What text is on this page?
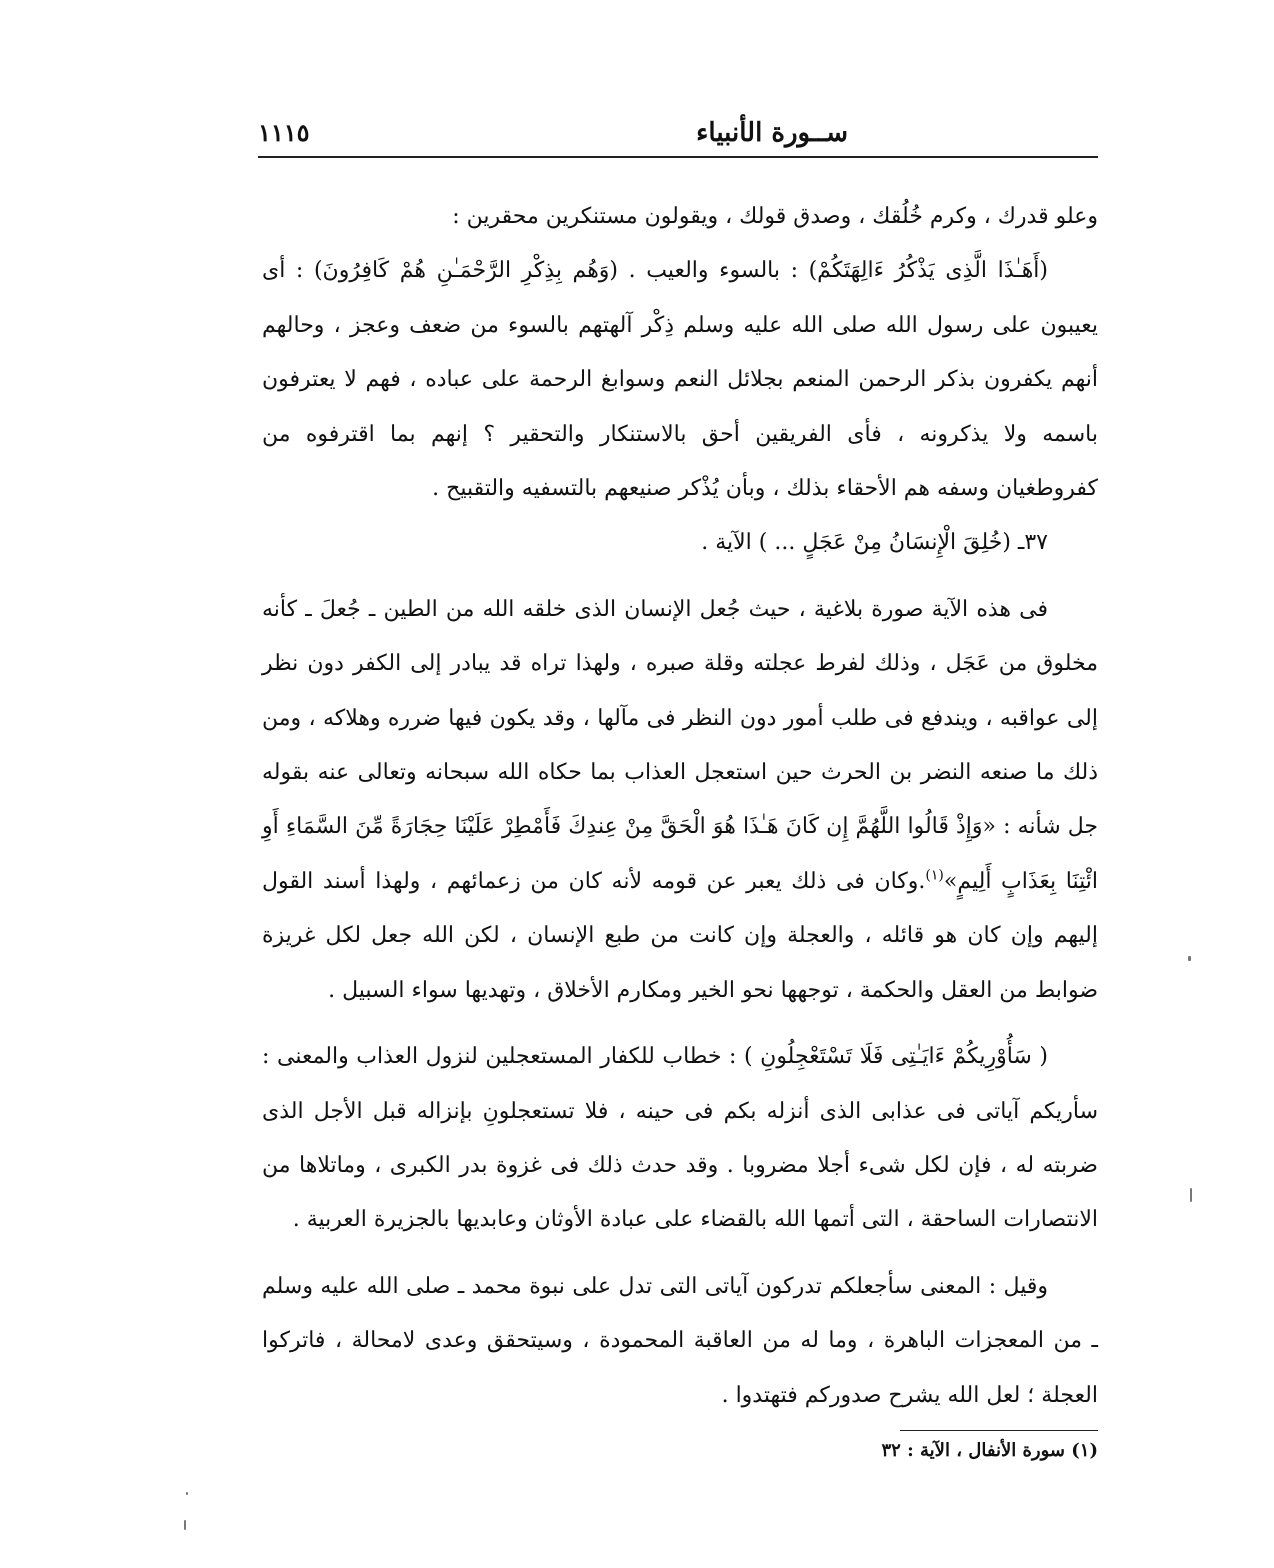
ســورة الأنبياء
١١١٥

وعلو قدرك ، وكرم خُلُقك ، وصدق قولك ، ويقولون مستنكرين محقرين :

(أَهَـٰذَا الَّذِى يَذْكُرُ ءَالِهَتَكُمْ) : بالسوء والعيب . (وَهُم بِذِكْرِ الرَّحْمَـٰنِ هُمْ كَافِرُونَ) : أى يعيبون على رسول الله صلى الله عليه وسلم ذِكْر آلهتهم بالسوء من ضعف وعجز ، وحالهم أنهم يكفرون بذكر الرحمن المنعم بجلائل النعم وسوابغ الرحمة على عباده ، فهم لا يعترفون باسمه ولا يذكرونه ، فأى الفريقين أحق بالاستنكار والتحقير ؟ إنهم بما اقترفوه من كفروطغيان وسفه هم الأحقاء بذلك ، وبأن يُذْكر صنيعهم بالتسفيه والتقبيح .

٣٧ـ (خُلِقَ الْإِنسَانُ مِنْ عَجَلٍ ... ) الآية .

فى هذه الآية صورة بلاغية ، حيث جُعل الإنسان الذى خلقه الله من الطين ـ جُعلَ ـ كأنه مخلوق من عَجَل ، وذلك لفرط عجلته وقلة صبره ، ولهذا تراه قد يبادر إلى الكفر دون نظر إلى عواقبه ، ويندفع فى طلب أمور دون النظر فى مآلها ، وقد يكون فيها ضرره وهلاكه ، ومن ذلك ما صنعه النضر بن الحرث حين استعجل العذاب بما حكاه الله سبحانه وتعالى عنه بقوله جل شأنه : «وَإِذْ قَالُوا اللَّهُمَّ إِن كَانَ هَـٰذَا هُوَ الْحَقَّ مِنْ عِندِكَ فَأَمْطِرْ عَلَيْنَا حِجَارَةً مِّنَ السَّمَاءِ أَوِ ائْتِنَا بِعَذَابٍ أَلِيمٍ»$^{(١)}$.وكان فى ذلك يعبر عن قومه لأنه كان من زعمائهم ، ولهذا أسند القول إليهم وإن كان هو قائله ، والعجلة وإن كانت من طبع الإنسان ، لكن الله جعل لكل غريزة ضوابط من العقل والحكمة ، توجهها نحو الخير ومكارم الأخلاق ، وتهديها سواء السبيل .

( سَأُوْرِيكُمْ ءَايَـٰتِى فَلَا تَسْتَعْجِلُونِ ) : خطاب للكفار المستعجلين لنزول العذاب والمعنى : سأريكم آياتى فى عذابى الذى أنزله بكم فى حينه ، فلا تستعجلونِ بإنزاله قبل الأجل الذى ضربته له ، فإن لكل شىء أجلا مضروبا . وقد حدث ذلك فى غزوة بدر الكبرى ، وماتلاها من الانتصارات الساحقة ، التى أتمها الله بالقضاء على عبادة الأوثان وعابديها بالجزيرة العربية .

وقيل : المعنى سأجعلكم تدركون آياتى التى تدل على نبوة محمد ـ صلى الله عليه وسلم ـ من المعجزات الباهرة ، وما له من العاقبة المحمودة ، وسيتحقق وعدى لامحالة ، فاتركوا العجلة ؛ لعل الله يشرح صدوركم فتهتدوا .

(١) سورة الأنفال ، الآية : ٣٢
